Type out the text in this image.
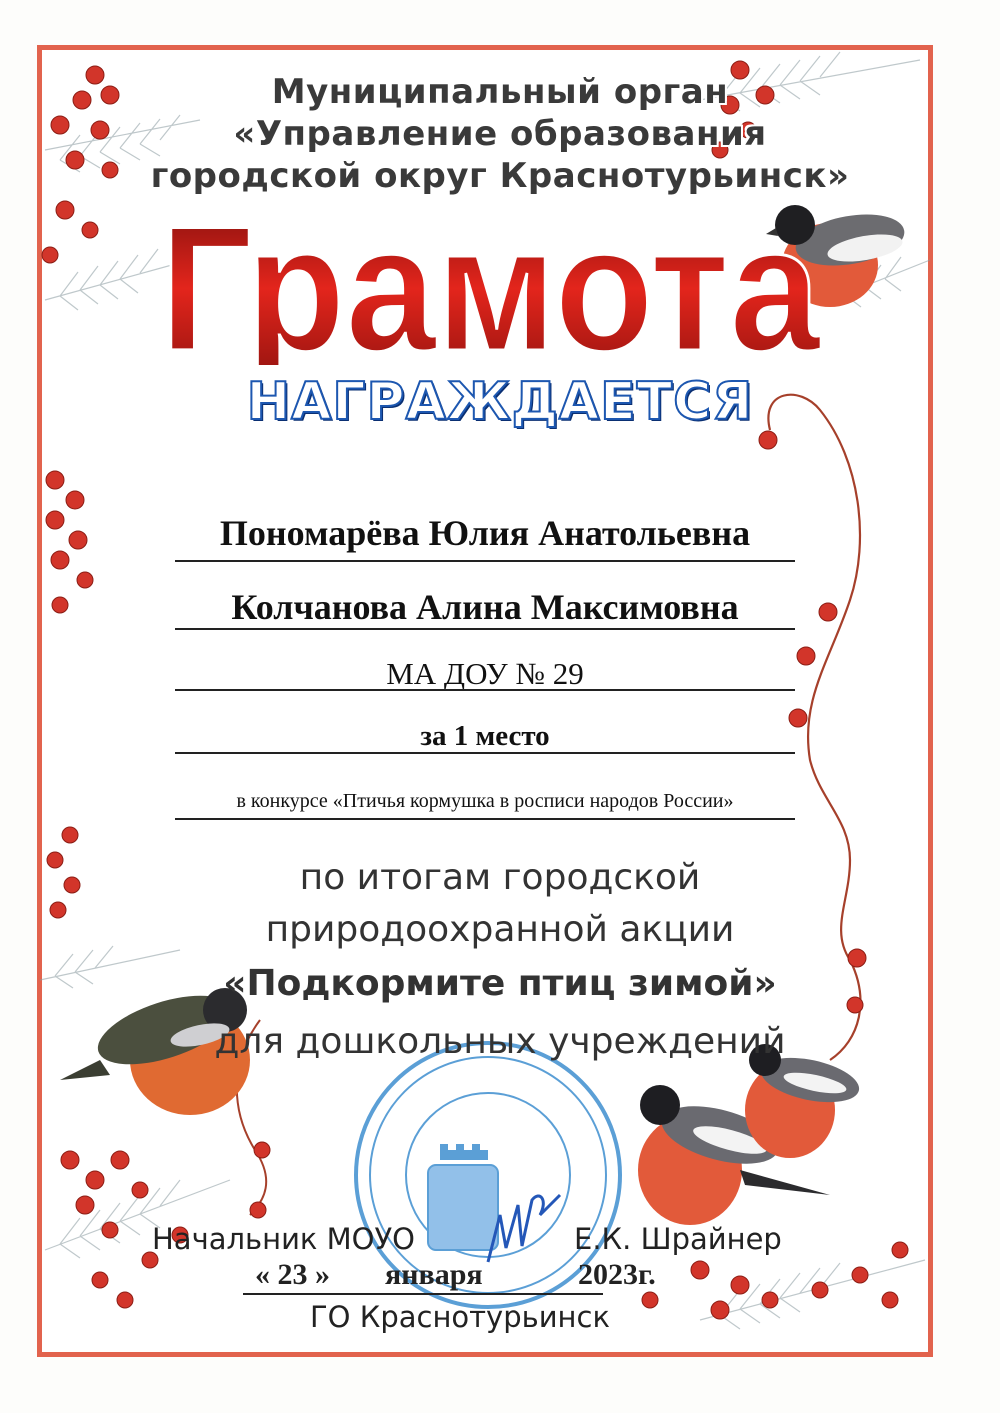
Муниципальный орган
«Управление образования
городской округ Краснотурьинск»
Грамота
НАГРАЖДАЕТСЯ
Пономарёва Юлия Анатольевна
Колчанова Алина Максимовна
МА ДОУ № 29
за 1 место
в конкурсе «Птичья кормушка в росписи народов России»
по итогам городской
природоохранной акции
«Подкормите птиц зимой»
для дошкольных учреждений
Начальник МОУО	Е.К. Шрайнер
« 23 » января	2023г.
ГО Краснотурьинск
